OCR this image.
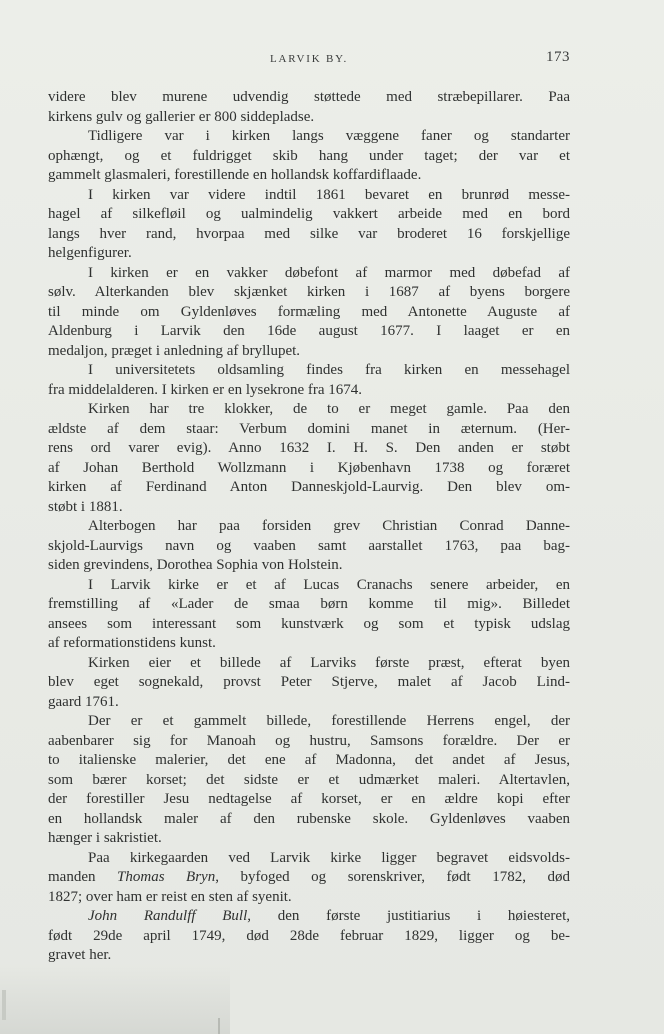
LARVIK BY.	173
videre blev murene udvendig støttede med stræbepillarer. Paa
kirkens gulv og gallerier er 800 siddepladse.
Tidligere var i kirken langs væggene faner og standarter
ophængt, og et fuldrigget skib hang under taget; der var et
gammelt glasmaleri, forestillende en hollandsk koffardiflaade.
I kirken var videre indtil 1861 bevaret en brunrød messe-
hagel af silkefløil og ualmindelig vakkert arbeide med en bord
langs hver rand, hvorpaa med silke var broderet 16 forskjellige
helgenfigurer.
I kirken er en vakker døbefont af marmor med døbefad af
sølv. Alterkanden blev skjænket kirken i 1687 af byens borgere
til minde om Gyldenløves formæling med Antonette Auguste af
Aldenburg i Larvik den 16de august 1677. I laaget er en
medaljon, præget i anledning af bryllupet.
I universitetets oldsamling findes fra kirken en messehagel
fra middelalderen. I kirken er en lysekrone fra 1674.
Kirken har tre klokker, de to er meget gamle. Paa den
ældste af dem staar: Verbum domini manet in æternum. (Her-
rens ord varer evig). Anno 1632 I. H. S. Den anden er støbt
af Johan Berthold Wollzmann i Kjøbenhavn 1738 og foræret
kirken af Ferdinand Anton Danneskjold-Laurvig. Den blev om-
støbt i 1881.
Alterbogen har paa forsiden grev Christian Conrad Danne-
skjold-Laurvigs navn og vaaben samt aarstallet 1763, paa bag-
siden grevindens, Dorothea Sophia von Holstein.
I Larvik kirke er et af Lucas Cranachs senere arbeider, en
fremstilling af «Lader de smaa børn komme til mig». Billedet
ansees som interessant som kunstværk og som et typisk udslag
af reformationstidens kunst.
Kirken eier et billede af Larviks første præst, efterat byen
blev eget sognekald, provst Peter Stjerve, malet af Jacob Lind-
gaard 1761.
Der er et gammelt billede, forestillende Herrens engel, der
aabenbarer sig for Manoah og hustru, Samsons forældre. Der er
to italienske malerier, det ene af Madonna, det andet af Jesus,
som bærer korset; det sidste er et udmærket maleri. Altertavlen,
der forestiller Jesu nedtagelse af korset, er en ældre kopi efter
en hollandsk maler af den rubenske skole. Gyldenløves vaaben
hænger i sakristiet.
Paa kirkegaarden ved Larvik kirke ligger begravet eidsvolds-
manden Thomas Bryn, byfoged og sorenskriver, født 1782, død
1827; over ham er reist en sten af syenit.
John Randulff Bull, den første justitiarius i høiesteret,
født 29de april 1749, død 28de februar 1829, ligger og be-
gravet her.
